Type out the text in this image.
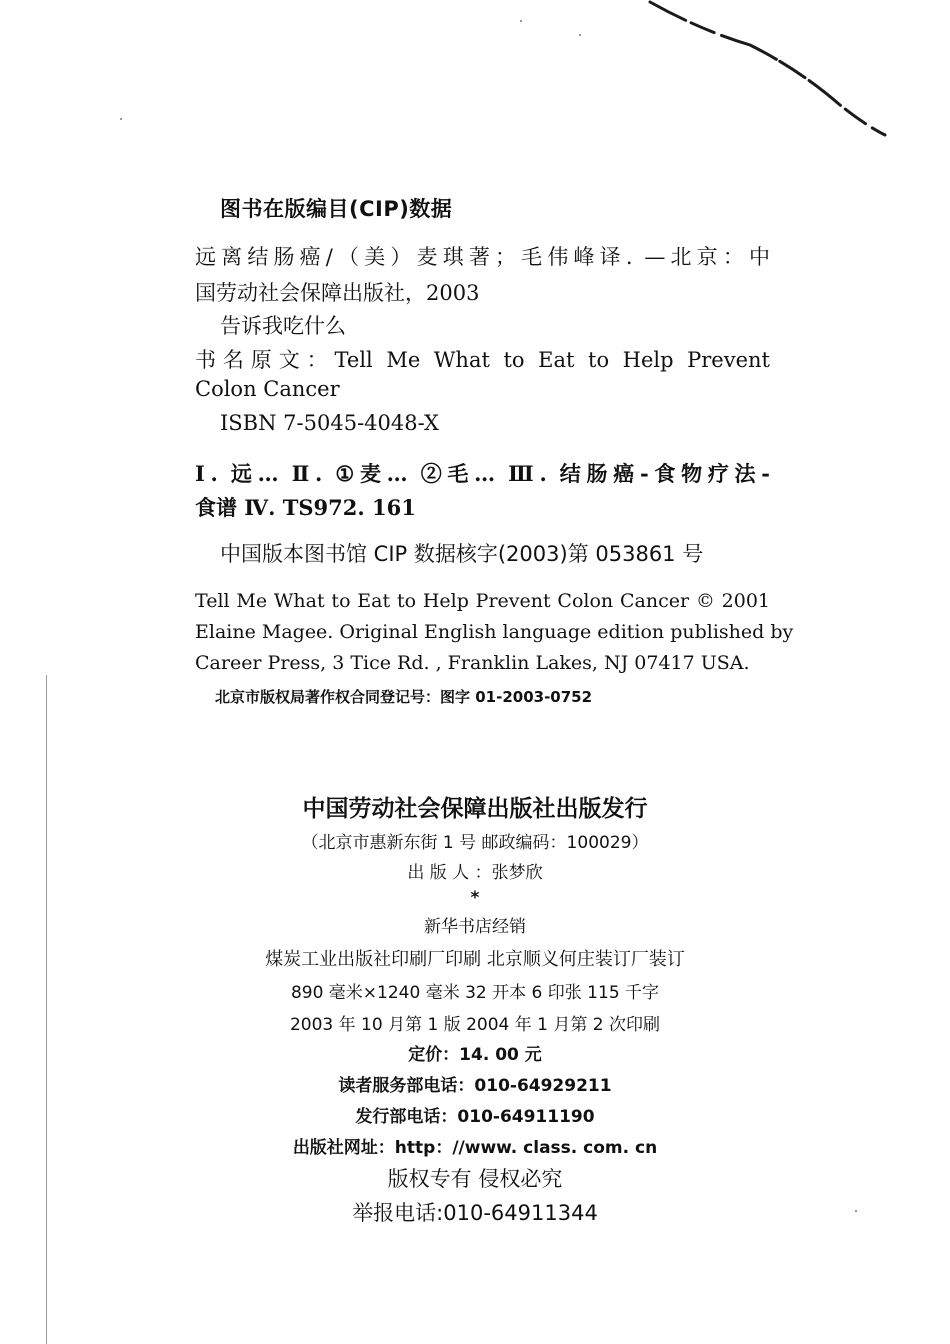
图书在版编目(CIP)数据
远离结肠癌/（美）麦琪著；毛伟峰译. —北京：中
国劳动社会保障出版社，2003
告诉我吃什么
书名原文：Tell Me What to Eat to Help Prevent
Colon Cancer
ISBN 7-5045-4048-X
Ⅰ. 远… Ⅱ. ①麦… ②毛… Ⅲ. 结肠癌-食物疗法-
食谱 Ⅳ. TS972. 161
中国版本图书馆 CIP 数据核字(2003)第 053861 号
Tell Me What to Eat to Help Prevent Colon Cancer © 2001
Elaine Magee. Original English language edition published by
Career Press, 3 Tice Rd. , Franklin Lakes, NJ 07417 USA.
北京市版权局著作权合同登记号：图字 01-2003-0752
中国劳动社会保障出版社出版发行
（北京市惠新东街 1 号 邮政编码：100029）
出 版 人 ：张梦欣
*
新华书店经销
煤炭工业出版社印刷厂印刷 北京顺义何庄装订厂装订
890 毫米×1240 毫米 32 开本 6 印张 115 千字
2003 年 10 月第 1 版 2004 年 1 月第 2 次印刷
定价：14. 00 元
读者服务部电话：010-64929211
发行部电话：010-64911190
出版社网址：http：//www. class. com. cn
版权专有 侵权必究
举报电话:010-64911344
